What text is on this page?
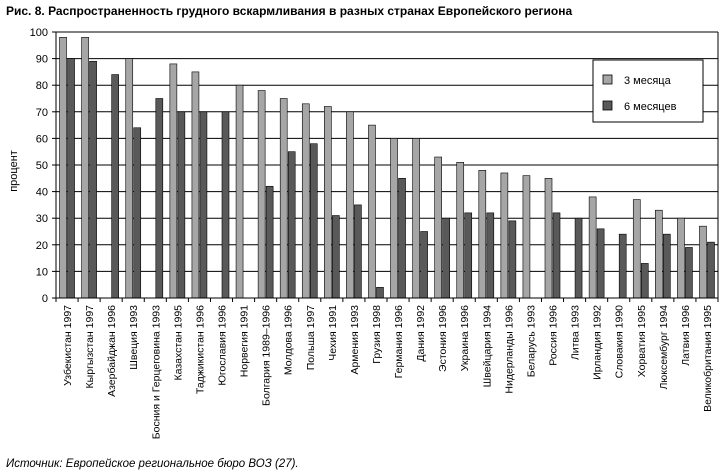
Рис. 8. Распространенность грудного вскармливания в разных странах Европейского региона
0
10
20
30
40
50
60
70
80
90
100
Узбекистан 1997 Кыргызстан 1997 Азербайджан 1996 Швеция 1993 Босния и Герцеговина 1993 Казахстан 1995 Таджикистан 1996 Югославия 1996 Норвегия 1991 Болгария 1989–1996 Молдова 1996 Польша 1997 Чехия 1991 Армения 1993 Грузия 1998 Германия 1996 Дания 1992 Эстония 1996 Украина 1996 Швейцария 1994 Нидерланды 1996 Беларусь 1993 Россия 1996 Литва 1993 Ирландия 1992 Словакия 1990 Хорватия 1995 Люксембург 1994 Латвия 1996 Великобритания 1995
процент
3 месяца
6 месяцев
Источник: Европейское региональное бюро ВОЗ (27).
